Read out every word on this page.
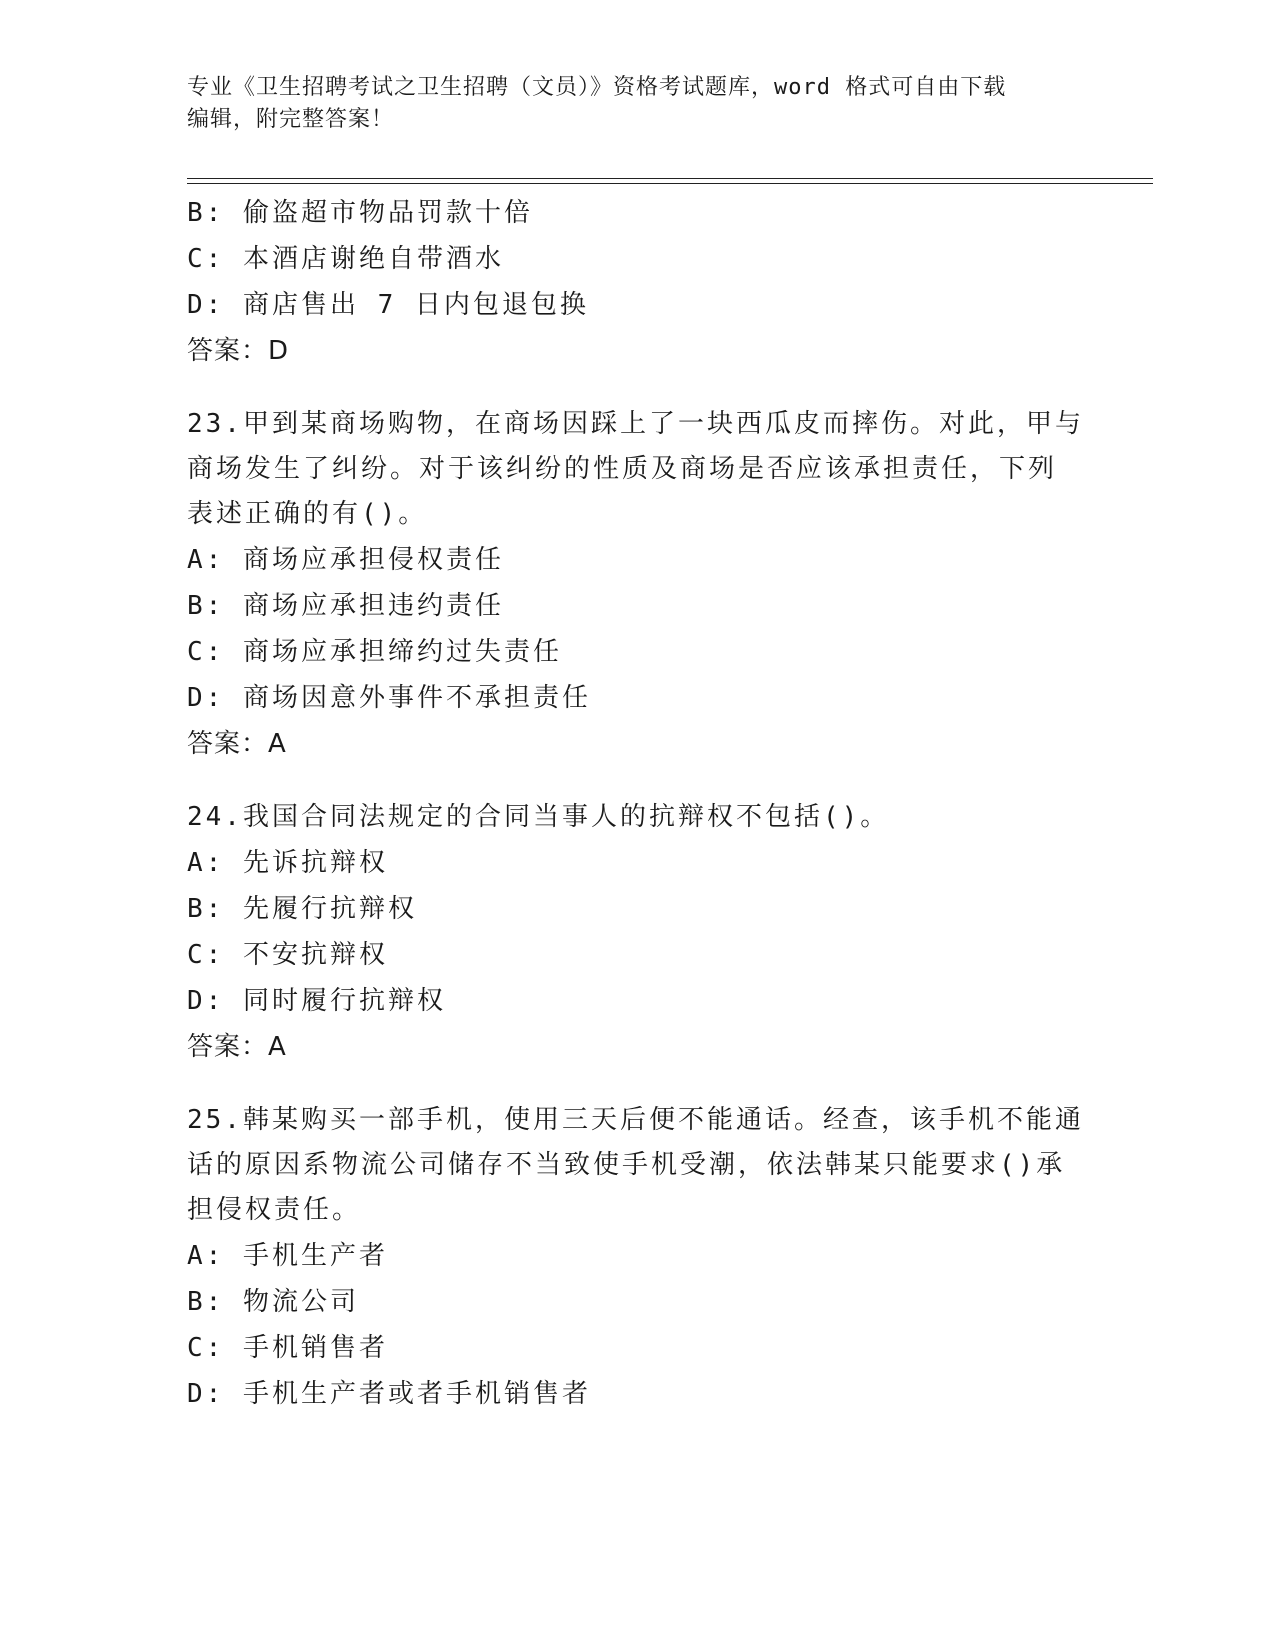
专业《卫生招聘考试之卫生招聘（文员）》资格考试题库，word 格式可自由下载
编辑，附完整答案！
B: 偷盗超市物品罚款十倍
C: 本酒店谢绝自带酒水
D: 商店售出 7 日内包退包换
答案：D
23.甲到某商场购物，在商场因踩上了一块西瓜皮而摔伤。对此，甲与
商场发生了纠纷。对于该纠纷的性质及商场是否应该承担责任，下列
表述正确的有()。
A: 商场应承担侵权责任
B: 商场应承担违约责任
C: 商场应承担缔约过失责任
D: 商场因意外事件不承担责任
答案：A
24.我国合同法规定的合同当事人的抗辩权不包括()。
A: 先诉抗辩权
B: 先履行抗辩权
C: 不安抗辩权
D: 同时履行抗辩权
答案：A
25.韩某购买一部手机，使用三天后便不能通话。经查，该手机不能通
话的原因系物流公司储存不当致使手机受潮，依法韩某只能要求()承
担侵权责任。
A: 手机生产者
B: 物流公司
C: 手机销售者
D: 手机生产者或者手机销售者
